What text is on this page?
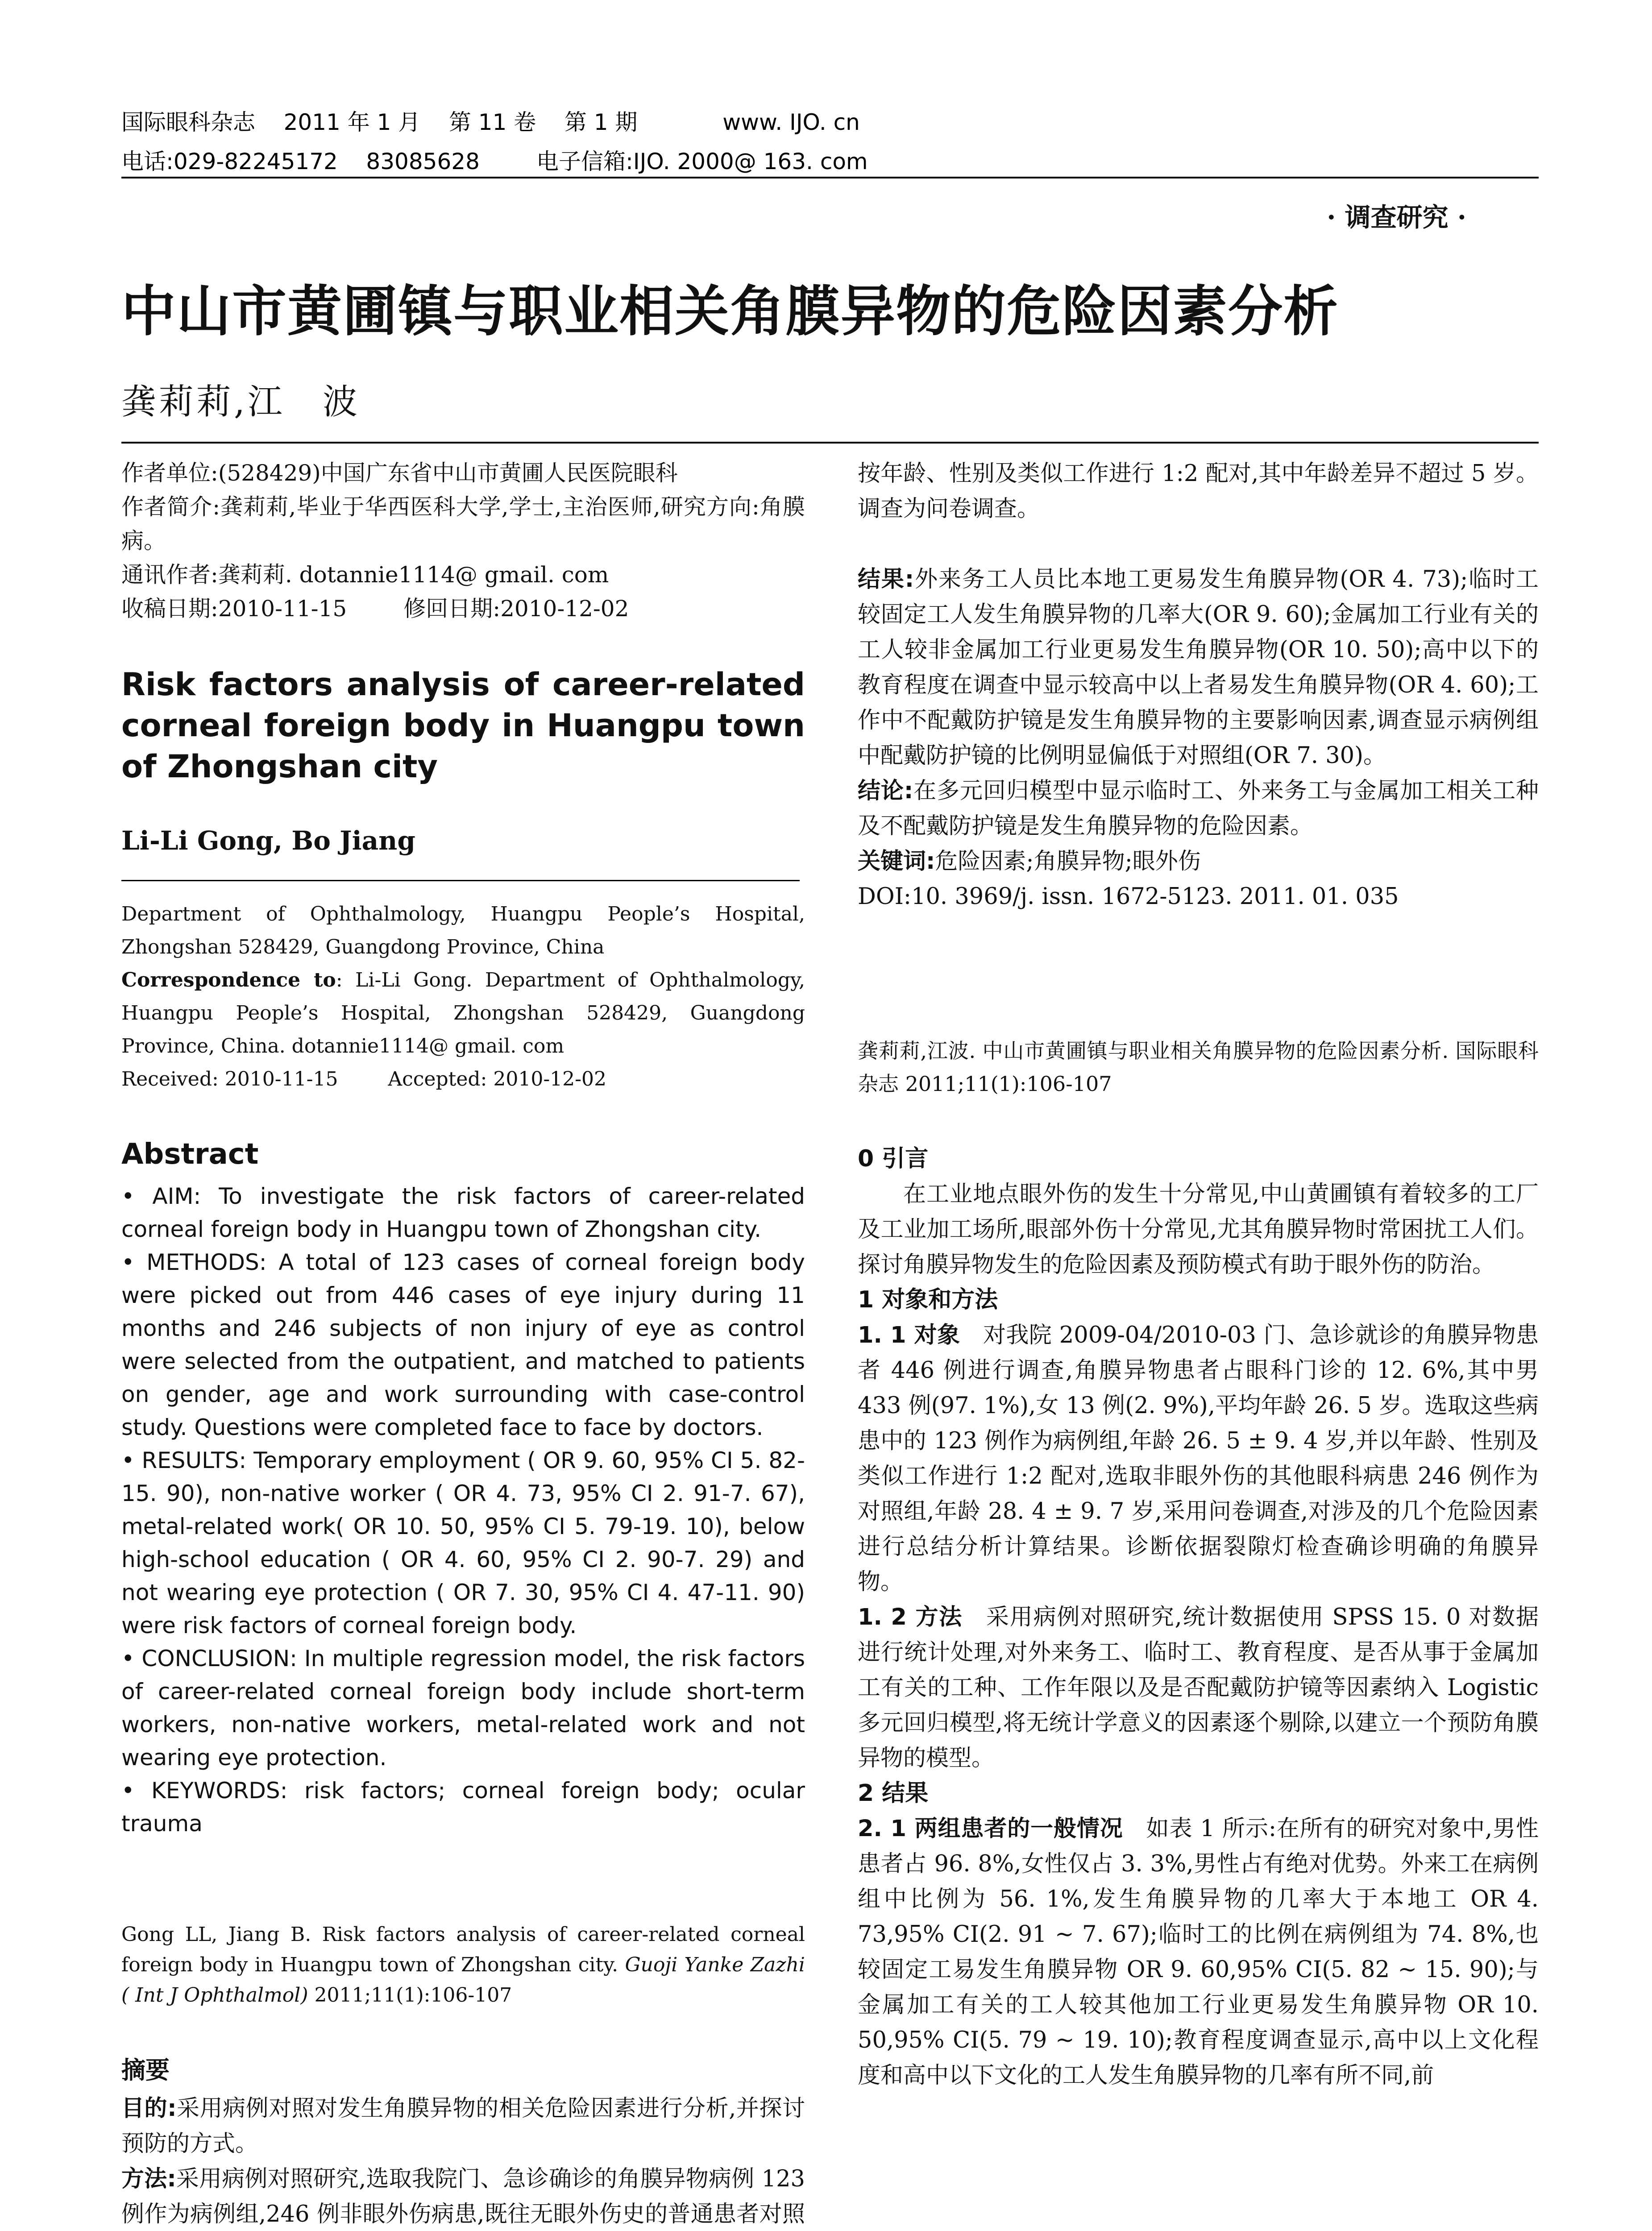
国际眼科杂志    2011 年 1 月    第 11 卷    第 1 期            www. IJO. cn
电话:029-82245172    83085628        电子信箱:IJO. 2000@ 163. com
· 调查研究 ·
中山市黄圃镇与职业相关角膜异物的危险因素分析
龚莉莉,江　波

作者单位:(528429)中国广东省中山市黄圃人民医院眼科

作者简介:龚莉莉,毕业于华西医科大学,学士,主治医师,研究方向:角膜病。

通讯作者:龚莉莉. dotannie1114@ gmail. com

收稿日期:2010-11-15        修回日期:2010-12-02

Risk factors analysis of career-related corneal foreign body in Huangpu town of Zhongshan city
Li-Li Gong, Bo Jiang
Department of Ophthalmology, Huangpu People’s Hospital, Zhongshan 528429, Guangdong Province, China
Correspondence to: Li-Li Gong. Department of Ophthalmology, Huangpu People’s Hospital, Zhongshan 528429, Guangdong Province, China. dotannie1114@ gmail. com
Received: 2010-11-15        Accepted: 2010-12-02
Abstract

• AIM: To investigate the risk factors of career-related corneal foreign body in Huangpu town of Zhongshan city.

• METHODS: A total of 123 cases of corneal foreign body were picked out from 446 cases of eye injury during 11 months and 246 subjects of non injury of eye as control were selected from the outpatient, and matched to patients on gender, age and work surrounding with case-control study. Questions were completed face to face by doctors.

• RESULTS: Temporary employment ( OR 9. 60, 95% CI 5. 82-15. 90), non-native worker ( OR 4. 73, 95% CI 2. 91-7. 67), metal-related work( OR 10. 50, 95% CI 5. 79-19. 10), below high-school education ( OR 4. 60, 95% CI 2. 90-7. 29) and not wearing eye protection ( OR 7. 30, 95% CI 4. 47-11. 90) were risk factors of corneal foreign body.

• CONCLUSION: In multiple regression model, the risk factors of career-related corneal foreign body include short-term workers, non-native workers, metal-related work and not wearing eye protection.

• KEYWORDS: risk factors; corneal foreign body; ocular trauma

Gong LL, Jiang B. Risk factors analysis of career-related corneal foreign body in Huangpu town of Zhongshan city. Guoji Yanke Zazhi ( Int J Ophthalmol) 2011;11(1):106-107
摘要

目的:采用病例对照对发生角膜异物的相关危险因素进行分析,并探讨预防的方式。

方法:采用病例对照研究,选取我院门、急诊确诊的角膜异物病例 123 例作为病例组,246 例非眼外伤病患,既往无眼外伤史的普通患者对照

按年龄、性别及类似工作进行 1:2 配对,其中年龄差异不超过 5 岁。调查为问卷调查。

结果:外来务工人员比本地工更易发生角膜异物(OR 4. 73);临时工较固定工人发生角膜异物的几率大(OR 9. 60);金属加工行业有关的工人较非金属加工行业更易发生角膜异物(OR 10. 50);高中以下的教育程度在调查中显示较高中以上者易发生角膜异物(OR 4. 60);工作中不配戴防护镜是发生角膜异物的主要影响因素,调查显示病例组中配戴防护镜的比例明显偏低于对照组(OR 7. 30)。

结论:在多元回归模型中显示临时工、外来务工与金属加工相关工种及不配戴防护镜是发生角膜异物的危险因素。

关键词:危险因素;角膜异物;眼外伤

DOI:10. 3969/j. issn. 1672-5123. 2011. 01. 035

龚莉莉,江波. 中山市黄圃镇与职业相关角膜异物的危险因素分析. 国际眼科杂志 2011;11(1):106-107
0 引言

在工业地点眼外伤的发生十分常见,中山黄圃镇有着较多的工厂及工业加工场所,眼部外伤十分常见,尤其角膜异物时常困扰工人们。探讨角膜异物发生的危险因素及预防模式有助于眼外伤的防治。

1 对象和方法

1. 1 对象　 对我院 2009-04/2010-03 门、急诊就诊的角膜异物患者 446 例进行调查,角膜异物患者占眼科门诊的 12. 6%,其中男 433 例(97. 1%),女 13 例(2. 9%),平均年龄 26. 5 岁。选取这些病患中的 123 例作为病例组,年龄 26. 5 ± 9. 4 岁,并以年龄、性别及类似工作进行 1:2 配对,选取非眼外伤的其他眼科病患 246 例作为对照组,年龄 28. 4 ± 9. 7 岁,采用问卷调查,对涉及的几个危险因素进行总结分析计算结果。诊断依据裂隙灯检查确诊明确的角膜异物。

1. 2 方法　 采用病例对照研究,统计数据使用 SPSS 15. 0 对数据进行统计处理,对外来务工、临时工、教育程度、是否从事于金属加工有关的工种、工作年限以及是否配戴防护镜等因素纳入 Logistic 多元回归模型,将无统计学意义的因素逐个剔除,以建立一个预防角膜异物的模型。

2 结果

2. 1 两组患者的一般情况　 如表 1 所示:在所有的研究对象中,男性患者占 96. 8%,女性仅占 3. 3%,男性占有绝对优势。外来工在病例组中比例为 56. 1%,发生角膜异物的几率大于本地工 OR 4. 73,95% CI(2. 91 ~ 7. 67);临时工的比例在病例组为 74. 8%,也较固定工易发生角膜异物 OR 9. 60,95% CI(5. 82 ~ 15. 90);与金属加工有关的工人较其他加工行业更易发生角膜异物 OR 10. 50,95% CI(5. 79 ~ 19. 10);教育程度调查显示,高中以上文化程度和高中以下文化的工人发生角膜异物的几率有所不同,前
